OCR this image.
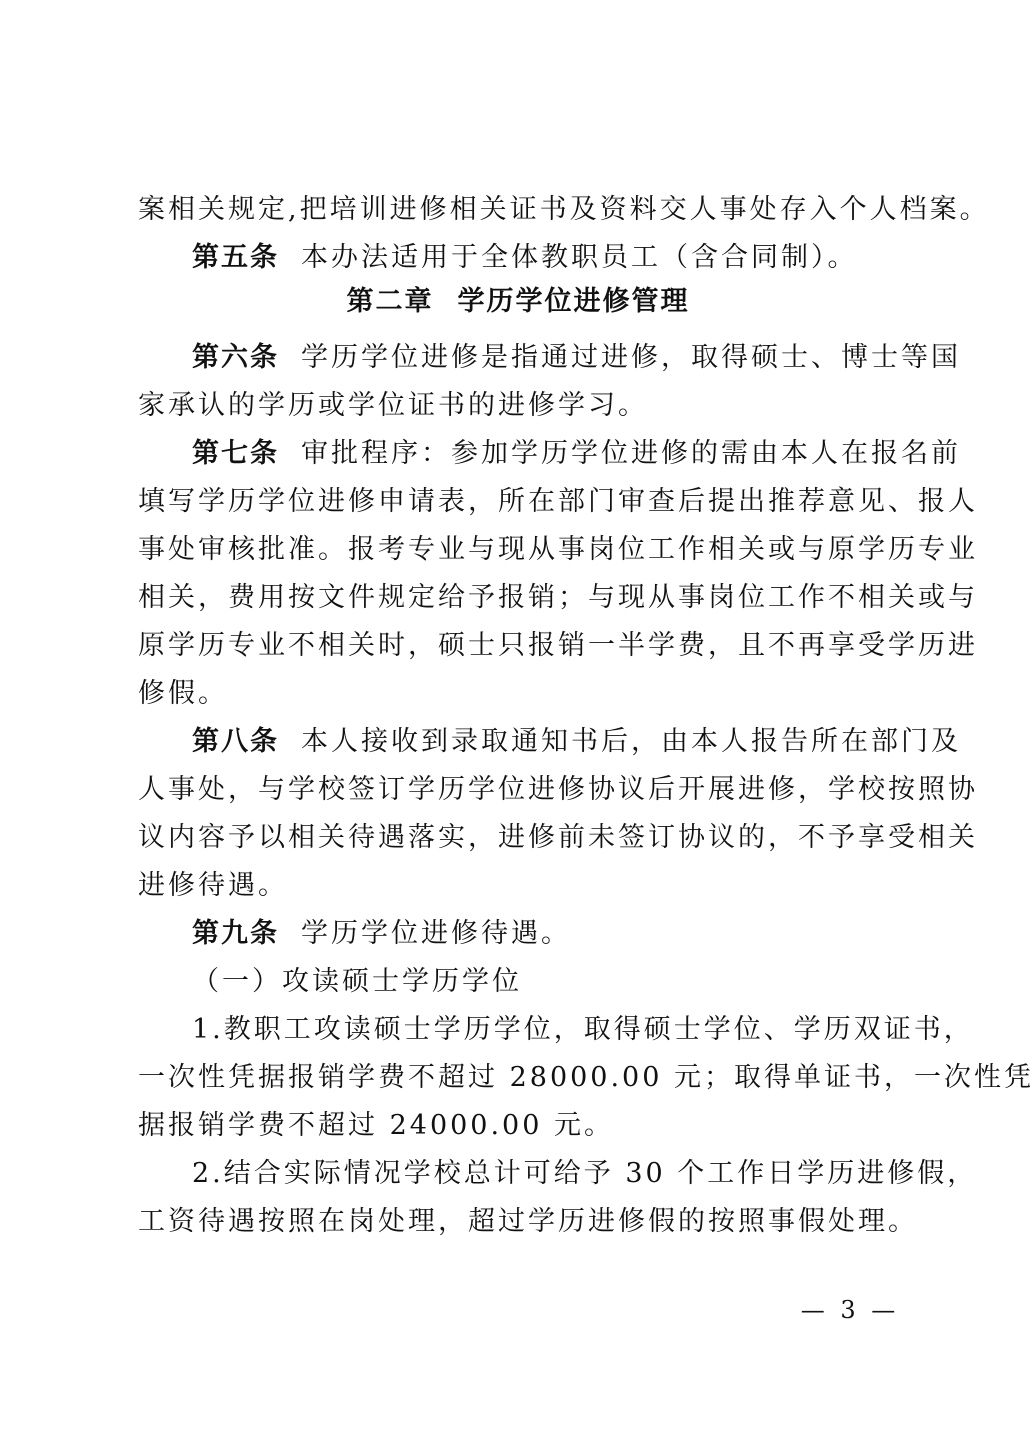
案相关规定,把培训进修相关证书及资料交人事处存入个人档案。
第五条 本办法适用于全体教职员工（含合同制）。
第二章 学历学位进修管理
第六条 学历学位进修是指通过进修，取得硕士、博士等国
家承认的学历或学位证书的进修学习。
第七条 审批程序：参加学历学位进修的需由本人在报名前
填写学历学位进修申请表，所在部门审查后提出推荐意见、报人
事处审核批准。报考专业与现从事岗位工作相关或与原学历专业
相关，费用按文件规定给予报销；与现从事岗位工作不相关或与
原学历专业不相关时，硕士只报销一半学费，且不再享受学历进
修假。
第八条 本人接收到录取通知书后，由本人报告所在部门及
人事处，与学校签订学历学位进修协议后开展进修，学校按照协
议内容予以相关待遇落实，进修前未签订协议的，不予享受相关
进修待遇。
第九条 学历学位进修待遇。
（一）攻读硕士学历学位
1.教职工攻读硕士学历学位，取得硕士学位、学历双证书，
一次性凭据报销学费不超过 28000.00 元；取得单证书，一次性凭
据报销学费不超过 24000.00 元。
2.结合实际情况学校总计可给予 30 个工作日学历进修假，
工资待遇按照在岗处理，超过学历进修假的按照事假处理。
— 3 —
